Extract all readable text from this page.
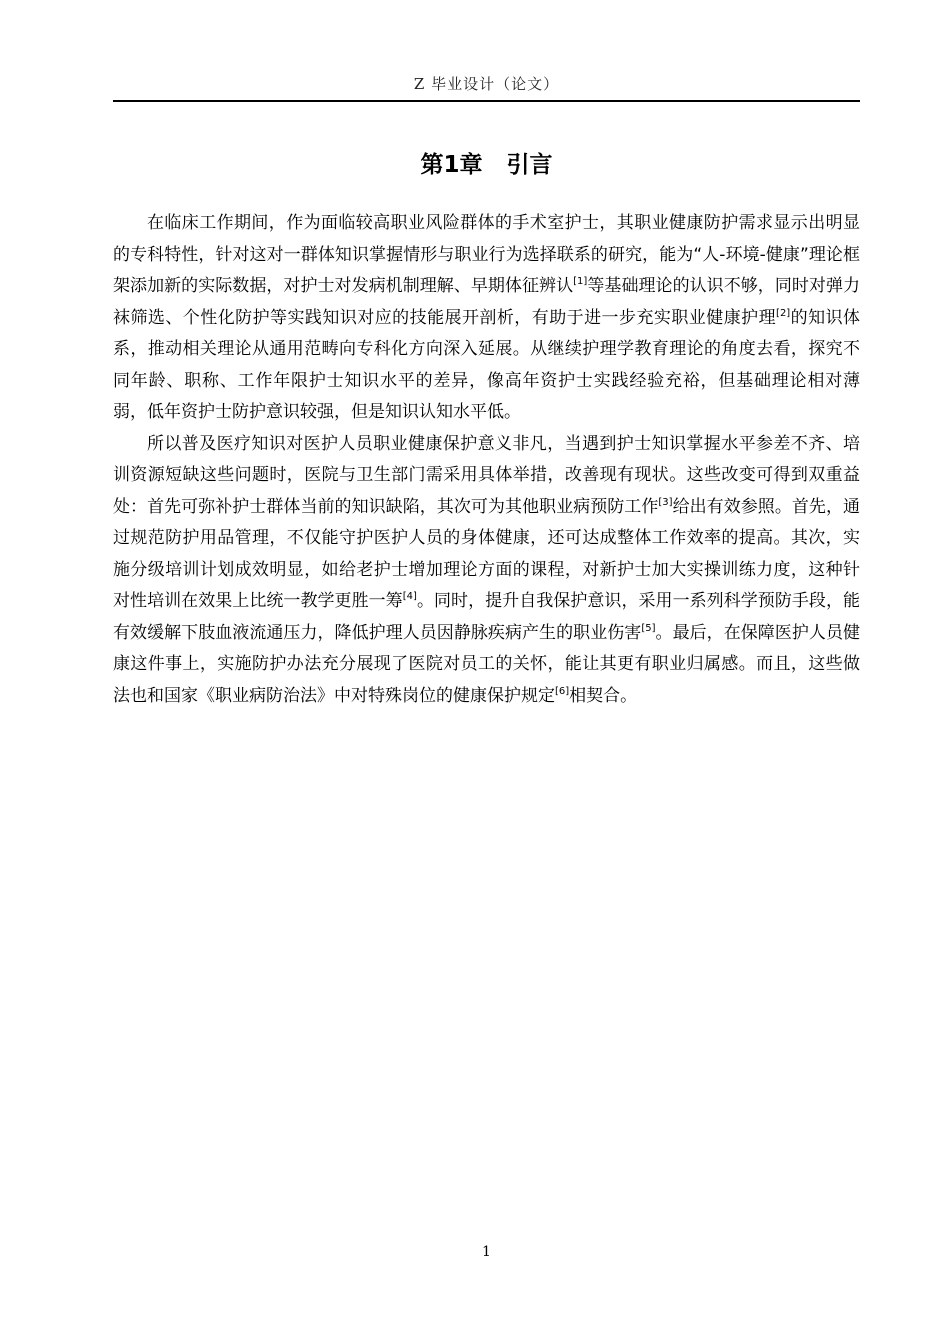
Z 毕业设计（论文）
第1章 引言

在临床工作期间，作为面临较高职业风险群体的手术室护士，其职业健康防护需求显示出明显的专科特性，针对这对一群体知识掌握情形与职业行为选择联系的研究，能为“人-环境-健康”理论框架添加新的实际数据，对护士对发病机制理解、早期体征辨认[1]等基础理论的认识不够，同时对弹力袜筛选、个性化防护等实践知识对应的技能展开剖析，有助于进一步充实职业健康护理[2]的知识体系，推动相关理论从通用范畴向专科化方向深入延展。从继续护理学教育理论的角度去看，探究不同年龄、职称、工作年限护士知识水平的差异，像高年资护士实践经验充裕，但基础理论相对薄弱，低年资护士防护意识较强，但是知识认知水平低。

所以普及医疗知识对医护人员职业健康保护意义非凡，当遇到护士知识掌握水平参差不齐、培训资源短缺这些问题时，医院与卫生部门需采用具体举措，改善现有现状。这些改变可得到双重益处：首先可弥补护士群体当前的知识缺陷，其次可为其他职业病预防工作[3]给出有效参照。首先，通过规范防护用品管理，不仅能守护医护人员的身体健康，还可达成整体工作效率的提高。其次，实施分级培训计划成效明显，如给老护士增加理论方面的课程，对新护士加大实操训练力度，这种针对性培训在效果上比统一教学更胜一筹[4]。同时，提升自我保护意识，采用一系列科学预防手段，能有效缓解下肢血液流通压力，降低护理人员因静脉疾病产生的职业伤害[5]。最后，在保障医护人员健康这件事上，实施防护办法充分展现了医院对员工的关怀，能让其更有职业归属感。而且，这些做法也和国家《职业病防治法》中对特殊岗位的健康保护规定[6]相契合。

1
